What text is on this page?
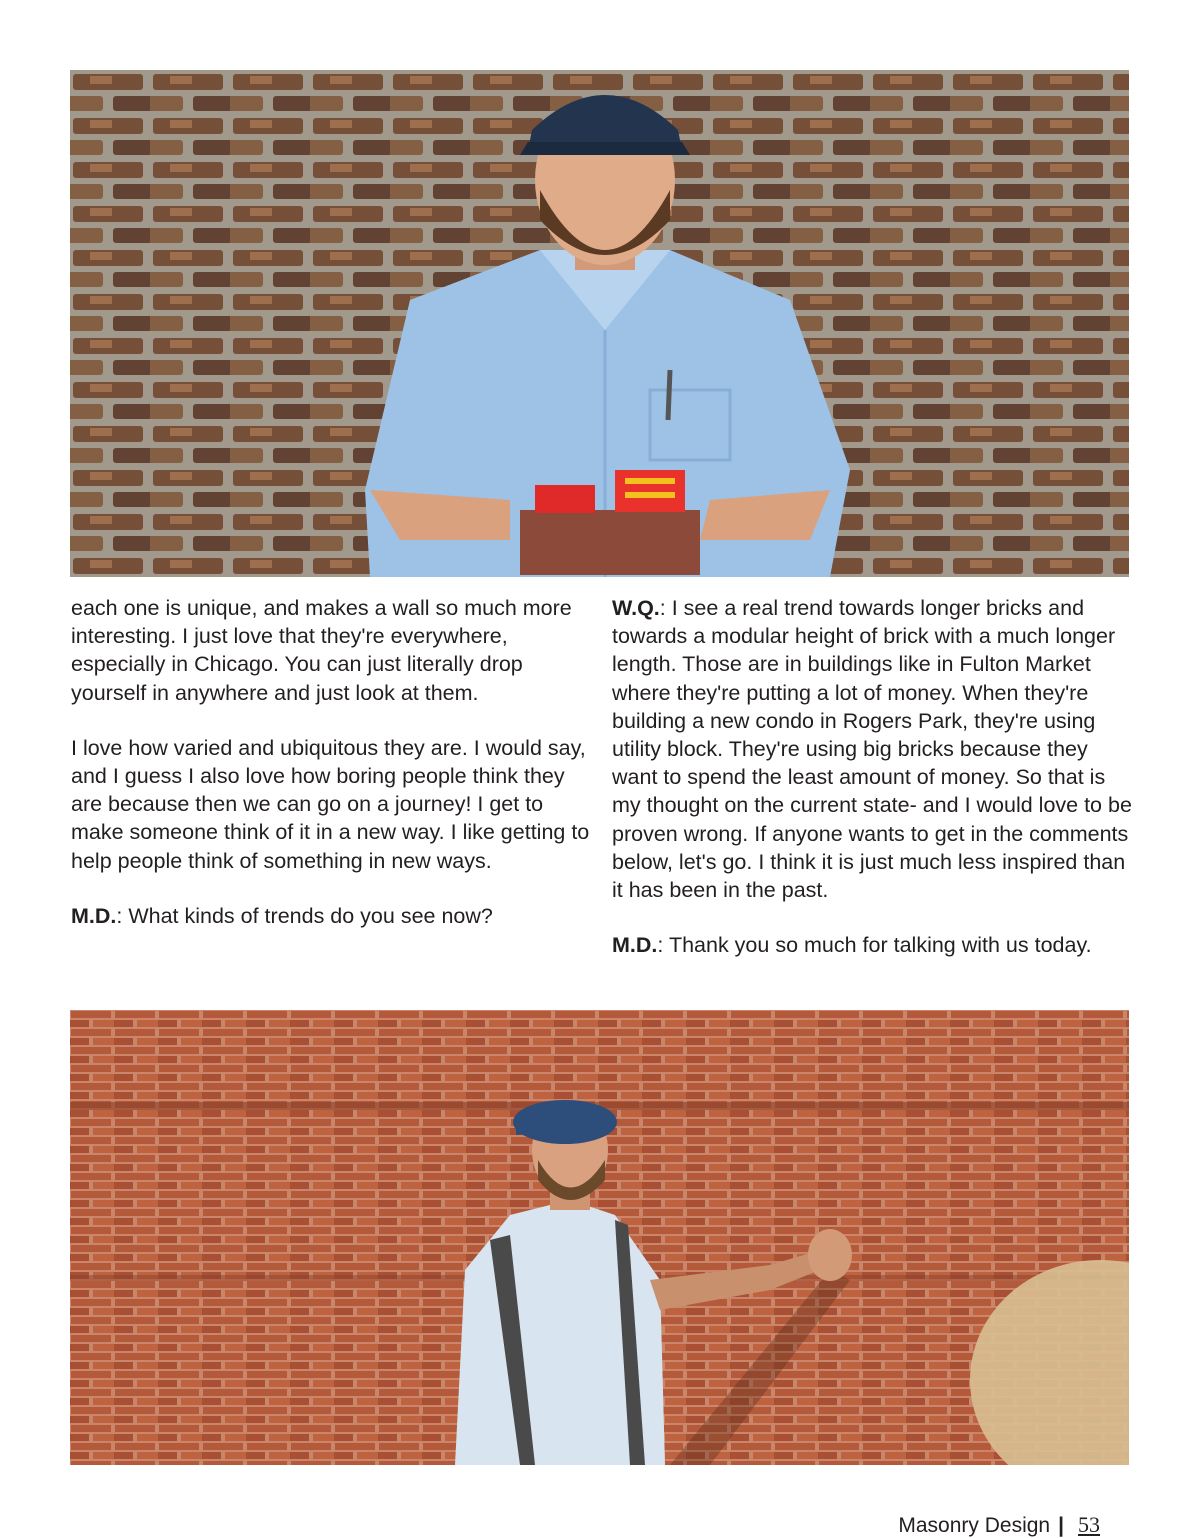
each one is unique, and makes a wall so much more interesting. I just love that they're everywhere, especially in Chicago. You can just literally drop yourself in anywhere and just look at them.

I love how varied and ubiquitous they are. I would say, and I guess I also love how boring people think they are because then we can go on a journey! I get to make someone think of it in a new way. I like getting to help people think of something in new ways.

M.D.: What kinds of trends do you see now?

W.Q.: I see a real trend towards longer bricks and towards a modular height of brick with a much longer length. Those are in buildings like in Fulton Market where they're putting a lot of money. When they're building a new condo in Rogers Park, they're using utility block. They're using big bricks because they want to spend the least amount of money. So that is my thought on the current state- and I would love to be proven wrong. If anyone wants to get in the comments below, let's go. I think it is just much less inspired than it has been in the past.

M.D.: Thank you so much for talking with us today.

Masonry Design | 53
